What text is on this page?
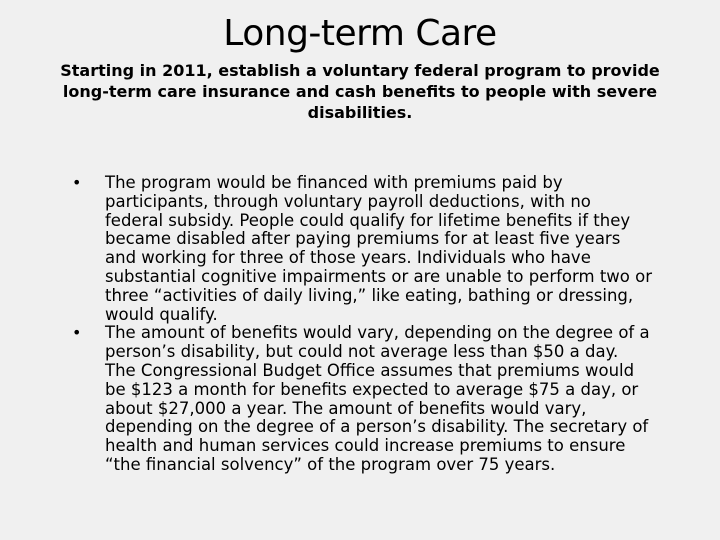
Long-term Care

Starting in 2011, establish a voluntary federal program to provide long-term care insurance and cash benefits to people with severe disabilities.

•	The program would be financed with premiums paid by participants, through voluntary payroll deductions, with no federal subsidy. People could qualify for lifetime benefits if they became disabled after paying premiums for at least five years and working for three of those years. Individuals who have substantial cognitive impairments or are unable to perform two or three “activities of daily living,” like eating, bathing or dressing, would qualify.
•	The amount of benefits would vary, depending on the degree of a person’s disability, but could not average less than $50 a day. The Congressional Budget Office assumes that premiums would be $123 a month for benefits expected to average $75 a day, or about $27,000 a year. The amount of benefits would vary, depending on the degree of a person’s disability. The secretary of health and human services could increase premiums to ensure “the financial solvency” of the program over 75 years.
